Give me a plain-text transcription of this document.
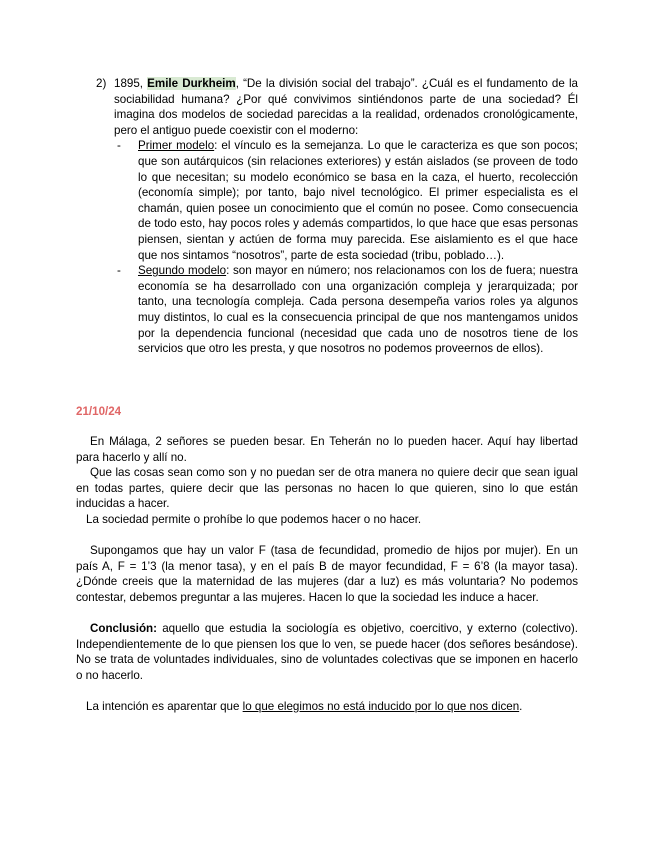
2) 1895, Emile Durkheim, “De la división social del trabajo”. ¿Cuál es el fundamento de la sociabilidad humana? ¿Por qué convivimos sintiéndonos parte de una sociedad? Él imagina dos modelos de sociedad parecidas a la realidad, ordenados cronológicamente, pero el antiguo puede coexistir con el moderno:
- Primer modelo: el vínculo es la semejanza. Lo que le caracteriza es que son pocos; que son autárquicos (sin relaciones exteriores) y están aislados (se proveen de todo lo que necesitan; su modelo económico se basa en la caza, el huerto, recolección (economía simple); por tanto, bajo nivel tecnológico. El primer especialista es el chamán, quien posee un conocimiento que el común no posee. Como consecuencia de todo esto, hay pocos roles y además compartidos, lo que hace que esas personas piensen, sientan y actúen de forma muy parecida. Ese aislamiento es el que hace que nos sintamos “nosotros”, parte de esta sociedad (tribu, poblado…).
- Segundo modelo: son mayor en número; nos relacionamos con los de fuera; nuestra economía se ha desarrollado con una organización compleja y jerarquizada; por tanto, una tecnología compleja. Cada persona desempeña varios roles ya algunos muy distintos, lo cual es la consecuencia principal de que nos mantengamos unidos por la dependencia funcional (necesidad que cada uno de nosotros tiene de los servicios que otro les presta, y que nosotros no podemos proveernos de ellos).
21/10/24

En Málaga, 2 señores se pueden besar. En Teherán no lo pueden hacer. Aquí hay libertad para hacerlo y allí no.

Que las cosas sean como son y no puedan ser de otra manera no quiere decir que sean igual en todas partes, quiere decir que las personas no hacen lo que quieren, sino lo que están inducidas a hacer.

La sociedad permite o prohíbe lo que podemos hacer o no hacer.

Supongamos que hay un valor F (tasa de fecundidad, promedio de hijos por mujer). En un país A, F = 1’3 (la menor tasa), y en el país B de mayor fecundidad, F = 6’8 (la mayor tasa). ¿Dónde creeis que la maternidad de las mujeres (dar a luz) es más voluntaria? No podemos contestar, debemos preguntar a las mujeres. Hacen lo que la sociedad les induce a hacer.

Conclusión: aquello que estudia la sociología es objetivo, coercitivo, y externo (colectivo). Independientemente de lo que piensen los que lo ven, se puede hacer (dos señores besándose). No se trata de voluntades individuales, sino de voluntades colectivas que se imponen en hacerlo o no hacerlo.

La intención es aparentar que lo que elegimos no está inducido por lo que nos dicen.
